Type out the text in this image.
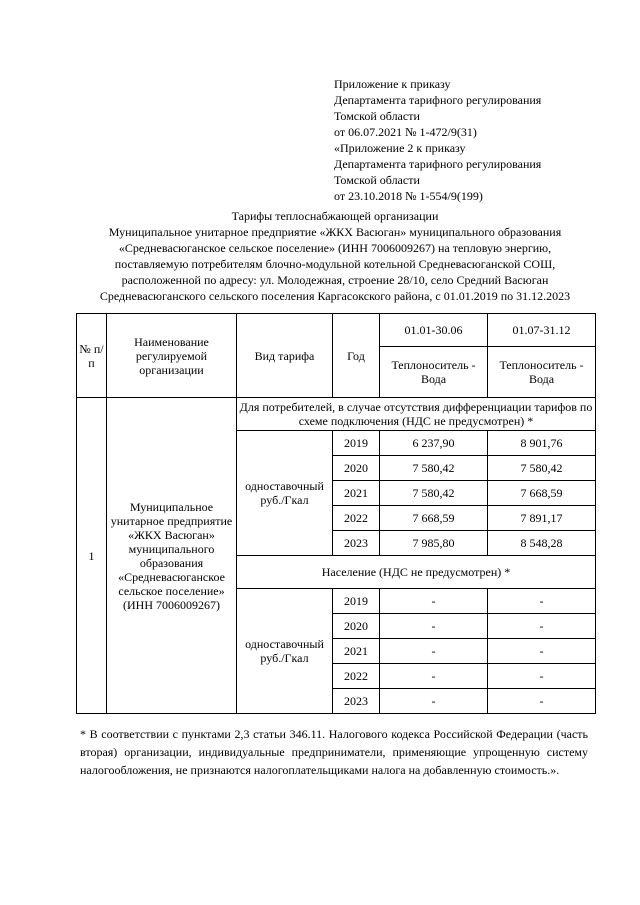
Приложение к приказу
Департамента тарифного регулирования
Томской области
от 06.07.2021 № 1-472/9(31)
«Приложение 2 к приказу
Департамента тарифного регулирования
Томской области
от 23.10.2018 № 1-554/9(199)
Тарифы теплоснабжающей организации
Муниципальное унитарное предприятие «ЖКХ Васюган» муниципального образования
«Средневасюганское сельское поселение» (ИНН 7006009267) на тепловую энергию,
поставляемую потребителям блочно-модульной котельной Средневасюганской СОШ,
расположенной по адресу: ул. Молодежная, строение 28/10, село Средний Васюган
Средневасюганского сельского поселения Каргасокского района, с 01.01.2019 по 31.12.2023
№ п/п	Наименование регулируемой организации	Вид тарифа	Год	01.01-30.06	01.07-31.12
				Теплоноситель - Вода	Теплоноситель - Вода
1	Муниципальное унитарное предприятие «ЖКХ Васюган» муниципального образования «Средневасюганское сельское поселение» (ИНН 7006009267)	Для потребителей, в случае отсутствия дифференциации тарифов по схеме подключения (НДС не предусмотрен) *			
		одноставочный руб./Гкал	2019	6 237,90	8 901,76
			2020	7 580,42	7 580,42
			2021	7 580,42	7 668,59
			2022	7 668,59	7 891,17
			2023	7 985,80	8 548,28
		Население (НДС не предусмотрен) *			
		одноставочный руб./Гкал	2019	-	-
			2020	-	-
			2021	-	-
			2022	-	-
			2023	-	-
* В соответствии с пунктами 2,3 статьи 346.11. Налогового кодекса Российской Федерации (часть вторая) организации, индивидуальные предприниматели, применяющие упрощенную систему налогообложения, не признаются налогоплательщиками налога на добавленную стоимость.».
